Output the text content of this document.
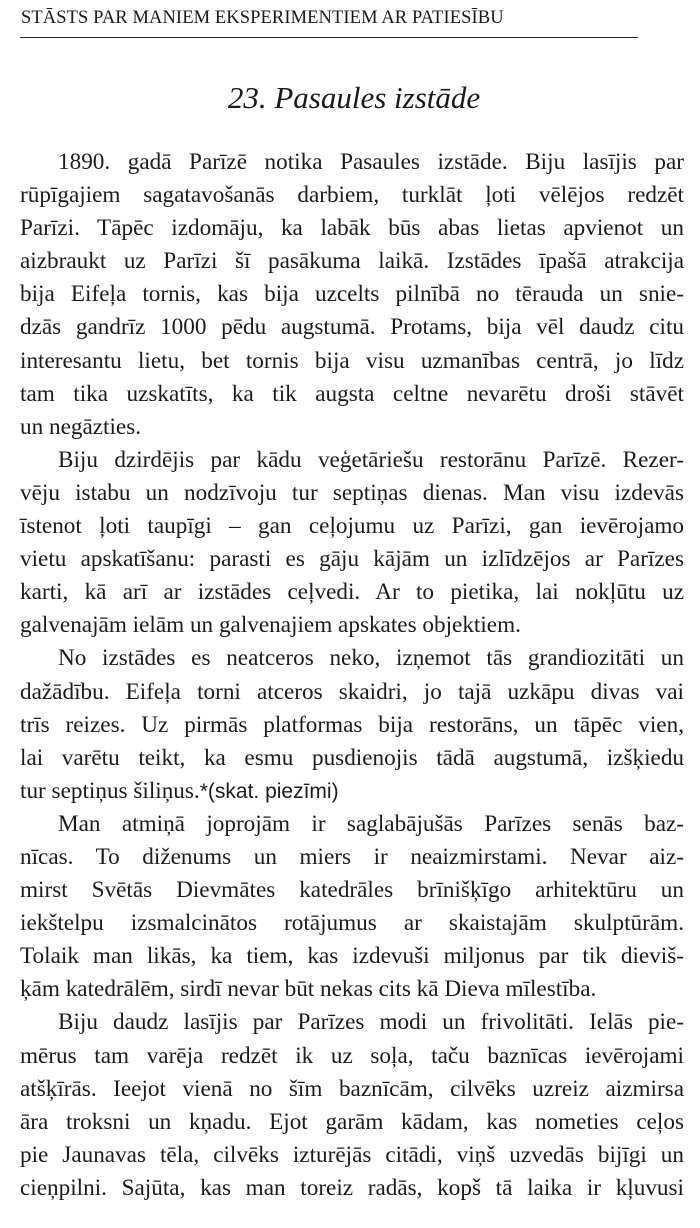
STĀSTS PAR MANIEM EKSPERIMENTIEM AR PATIESĪBU
23. Pasaules izstāde
1890. gadā Parīzē notika Pasaules izstāde. Biju lasījis par
rūpīgajiem sagatavošanās darbiem, turklāt ļoti vēlējos redzēt
Parīzi. Tāpēc izdomāju, ka labāk būs abas lietas apvienot un
aizbraukt uz Parīzi šī pasākuma laikā. Izstādes īpašā atrakcija
bija Eifeļa tornis, kas bija uzcelts pilnībā no tērauda un snie-
dzās gandrīz 1000 pēdu augstumā. Protams, bija vēl daudz citu
interesantu lietu, bet tornis bija visu uzmanības centrā, jo līdz
tam tika uzskatīts, ka tik augsta celtne nevarētu droši stāvēt
un negāzties.
Biju dzirdējis par kādu veģetāriešu restorānu Parīzē. Rezer-
vēju istabu un nodzīvoju tur septiņas dienas. Man visu izdevās
īstenot ļoti taupīgi – gan ceļojumu uz Parīzi, gan ievērojamo
vietu apskatīšanu: parasti es gāju kājām un izlīdzējos ar Parīzes
karti, kā arī ar izstādes ceļvedi. Ar to pietika, lai nokļūtu uz
galvenajām ielām un galvenajiem apskates objektiem.
No izstādes es neatceros neko, izņemot tās grandiozitāti un
dažādību. Eifeļa torni atceros skaidri, jo tajā uzkāpu divas vai
trīs reizes. Uz pirmās platformas bija restorāns, un tāpēc vien,
lai varētu teikt, ka esmu pusdienojis tādā augstumā, izšķiedu
tur septiņus šiliņus.*(skat. piezīmi)
Man atmiņā joprojām ir saglabājušās Parīzes senās baz-
nīcas. To diženums un miers ir neaizmirstami. Nevar aiz-
mirst Svētās Dievmātes katedrāles brīnišķīgo arhitektūru un
iekštelpu izsmalcinātos rotājumus ar skaistajām skulptūrām.
Tolaik man likās, ka tiem, kas izdevuši miljonus par tik dieviš-
ķām katedrālēm, sirdī nevar būt nekas cits kā Dieva mīlestība.
Biju daudz lasījis par Parīzes modi un frivolitāti. Ielās pie-
mērus tam varēja redzēt ik uz soļa, taču baznīcas ievērojami
atšķīrās. Ieejot vienā no šīm baznīcām, cilvēks uzreiz aizmirsa
āra troksni un kņadu. Ejot garām kādam, kas nometies ceļos
pie Jaunavas tēla, cilvēks izturējās citādi, viņš uzvedās bijīgi un
cieņpilni. Sajūta, kas man toreiz radās, kopš tā laika ir kļuvusi
